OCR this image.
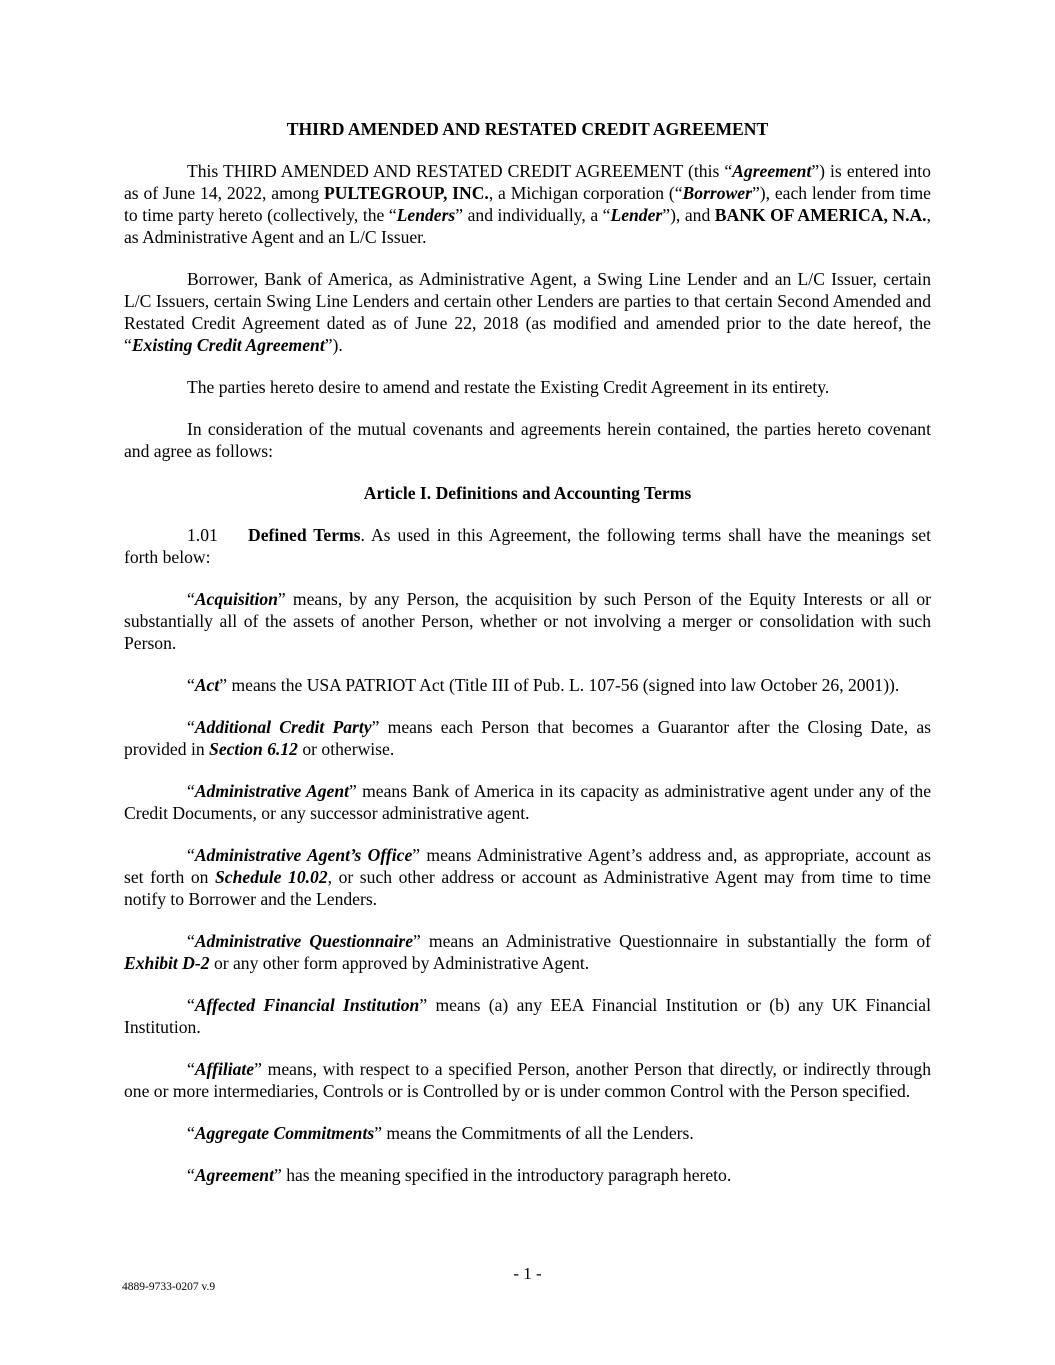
THIRD AMENDED AND RESTATED CREDIT AGREEMENT

This THIRD AMENDED AND RESTATED CREDIT AGREEMENT (this “Agreement”) is entered into as of June 14, 2022, among PULTEGROUP, INC., a Michigan corporation (“Borrower”), each lender from time to time party hereto (collectively, the “Lenders” and individually, a “Lender”), and BANK OF AMERICA, N.A., as Administrative Agent and an L/C Issuer.

Borrower, Bank of America, as Administrative Agent, a Swing Line Lender and an L/C Issuer, certain L/C Issuers, certain Swing Line Lenders and certain other Lenders are parties to that certain Second Amended and Restated Credit Agreement dated as of June 22, 2018 (as modified and amended prior to the date hereof, the “Existing Credit Agreement”).

The parties hereto desire to amend and restate the Existing Credit Agreement in its entirety.

In consideration of the mutual covenants and agreements herein contained, the parties hereto covenant and agree as follows:

Article I. Definitions and Accounting Terms

1.01 Defined Terms. As used in this Agreement, the following terms shall have the meanings set forth below:

“Acquisition” means, by any Person, the acquisition by such Person of the Equity Interests or all or substantially all of the assets of another Person, whether or not involving a merger or consolidation with such Person.

“Act” means the USA PATRIOT Act (Title III of Pub. L. 107-56 (signed into law October 26, 2001)).

“Additional Credit Party” means each Person that becomes a Guarantor after the Closing Date, as provided in Section 6.12 or otherwise.

“Administrative Agent” means Bank of America in its capacity as administrative agent under any of the Credit Documents, or any successor administrative agent.

“Administrative Agent’s Office” means Administrative Agent’s address and, as appropriate, account as set forth on Schedule 10.02, or such other address or account as Administrative Agent may from time to time notify to Borrower and the Lenders.

“Administrative Questionnaire” means an Administrative Questionnaire in substantially the form of Exhibit D-2 or any other form approved by Administrative Agent.

“Affected Financial Institution” means (a) any EEA Financial Institution or (b) any UK Financial Institution.

“Affiliate” means, with respect to a specified Person, another Person that directly, or indirectly through one or more intermediaries, Controls or is Controlled by or is under common Control with the Person specified.

“Aggregate Commitments” means the Commitments of all the Lenders.

“Agreement” has the meaning specified in the introductory paragraph hereto.

- 1 -
4889-9733-0207 v.9
